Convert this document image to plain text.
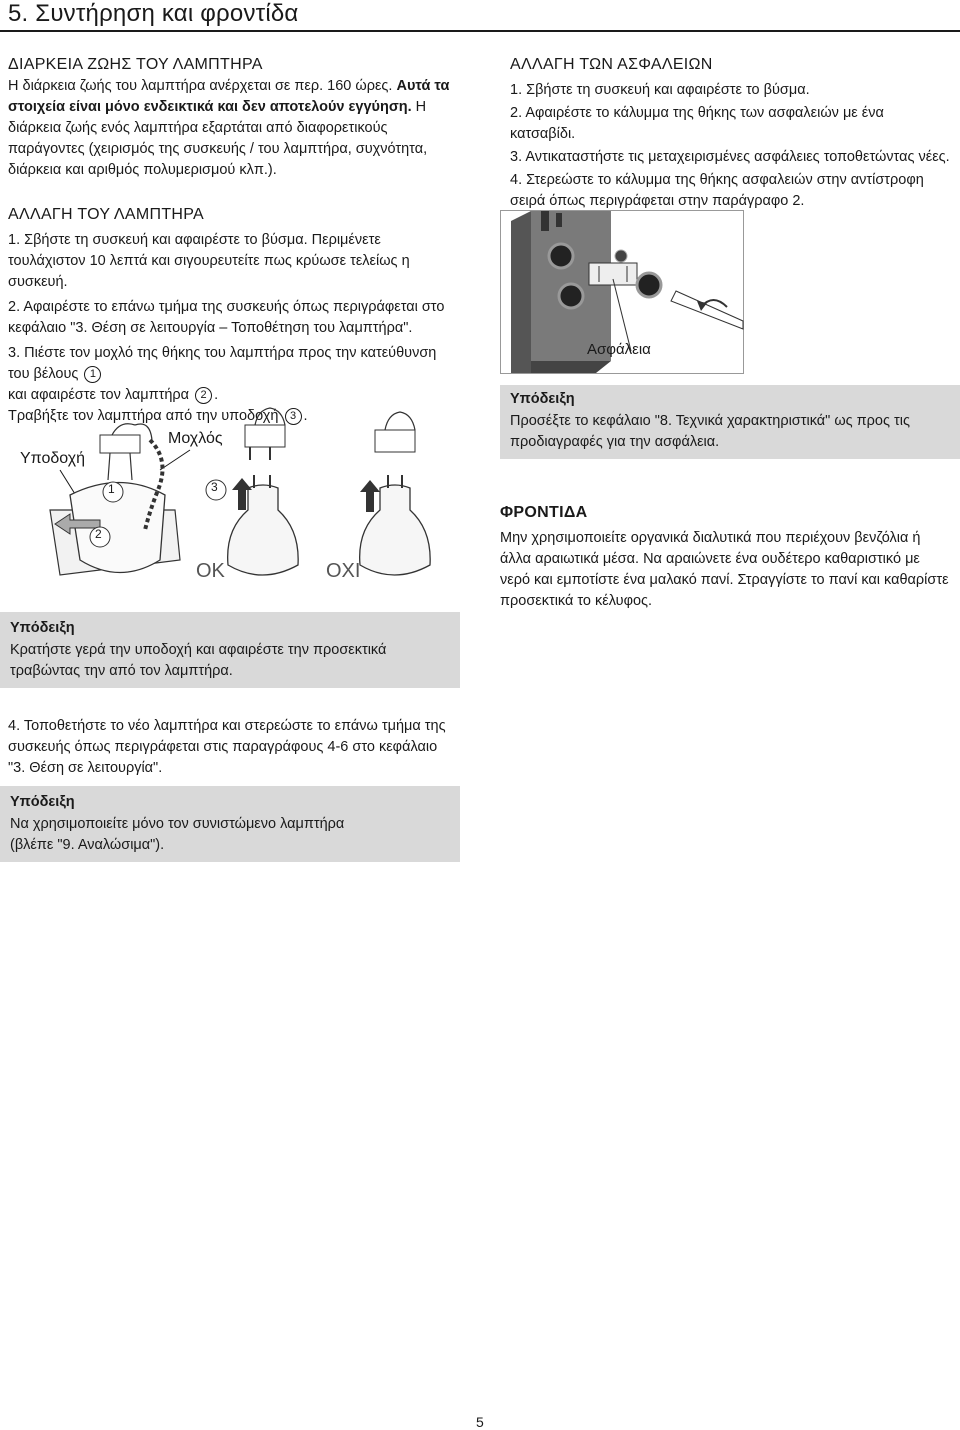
5. Συντήρηση και φροντίδα
ΔΙΑΡΚΕΙΑ ΖΩΗΣ ΤΟΥ ΛΑΜΠΤΗΡΑ

Η διάρκεια ζωής του λαμπτήρα ανέρχεται σε περ. 160 ώρες. Αυτά τα στοιχεία είναι μόνο ενδεικτικά και δεν αποτελούν εγγύηση. Η διάρκεια ζωής ενός λαμπτήρα εξαρτάται από διαφορετικούς παράγοντες (χειρισμός της συσκευής / του λαμπτήρα, συχνότητα, διάρκεια και αριθμός πολυμερισμού κλπ.).

ΑΛΛΑΓΗ ΤΟΥ ΛΑΜΠΤΗΡΑ

1. Σβήστε τη συσκευή και αφαιρέστε το βύσμα. Περιμένετε τουλάχιστον 10 λεπτά και σιγουρευτείτε πως κρύωσε τελείως η συσκευή.

2. Αφαιρέστε το επάνω τμήμα της συσκευής όπως περιγράφεται στο κεφάλαιο "3. Θέση σε λειτουργία – Τοποθέτηση του λαμπτήρα".

3. Πιέστε τον μοχλό της θήκης του λαμπτήρα προς την κατεύθυνση του βέλους 1
και αφαιρέστε τον λαμπτήρα 2 .
Τραβήξτε τον λαμπτήρα από την υποδοχή 3 .

Υποδοχή
Μοχλός
1
2
3
OK	ΟΧΙ

Υπόδειξη

Κρατήστε γερά την υποδοχή και αφαιρέστε την προσεκτικά τραβώντας την από τον λαμπτήρα.

4. Τοποθετήστε το νέο λαμπτήρα και στερεώστε το επάνω τμήμα της συσκευής όπως περιγράφεται στις παραγράφους 4-6 στο κεφάλαιο "3. Θέση σε λειτουργία".

Υπόδειξη

Να χρησιμοποιείτε μόνο τον συνιστώμενο λαμπτήρα (βλέπε "9. Αναλώσιμα").

ΑΛΛΑΓΗ ΤΩΝ ΑΣΦΑΛΕΙΩΝ

1. Σβήστε τη συσκευή και αφαιρέστε το βύσμα.

2. Αφαιρέστε το κάλυμμα της θήκης των ασφαλειών με ένα κατσαβίδι.

3. Αντικαταστήστε τις μεταχειρισμένες ασφάλειες τοποθετώντας νέες.

4. Στερεώστε το κάλυμμα της θήκης ασφαλειών στην αντίστροφη σειρά όπως περιγράφεται στην παράγραφο 2.

Ασφάλεια

Υπόδειξη

Προσέξτε το κεφάλαιο "8. Τεχνικά χαρακτηριστικά" ως προς τις προδιαγραφές για την ασφάλεια.

ΦΡΟΝΤΙΔΑ

Μην χρησιμοποιείτε οργανικά διαλυτικά που περιέχουν βενζόλια ή άλλα αραιωτικά μέσα. Να αραιώνετε ένα ουδέτερο καθαριστικό με νερό και εμποτίστε ένα μαλακό πανί. Στραγγίστε το πανί και καθαρίστε προσεκτικά το κέλυφος.

5
